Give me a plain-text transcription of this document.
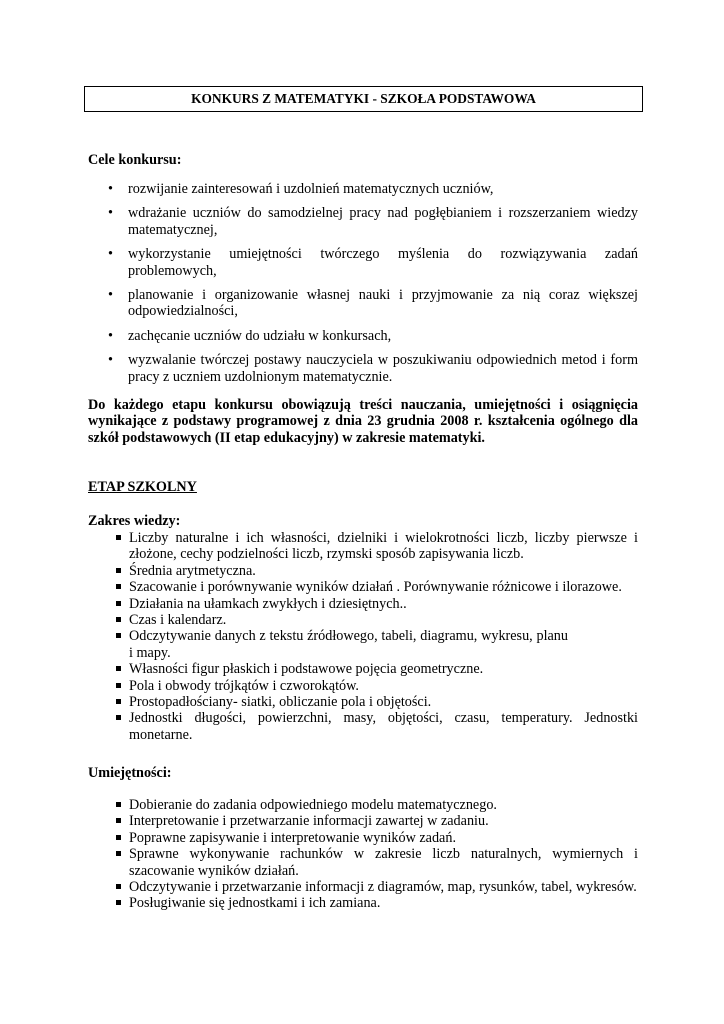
KONKURS Z MATEMATYKI - SZKOŁA PODSTAWOWA
Cele konkursu:
• rozwijanie zainteresowań i uzdolnień matematycznych uczniów,
• wdrażanie uczniów do samodzielnej pracy nad pogłębianiem i rozszerzaniem wiedzy matematycznej,
• wykorzystanie umiejętności twórczego myślenia do rozwiązywania zadań problemowych,
• planowanie i organizowanie własnej nauki i przyjmowanie za nią coraz większej odpowiedzialności,
• zachęcanie uczniów do udziału w konkursach,
• wyzwalanie twórczej postawy nauczyciela w poszukiwaniu odpowiednich metod i form pracy z uczniem uzdolnionym matematycznie.
Do każdego etapu konkursu obowiązują treści nauczania, umiejętności i osiągnięcia wynikające z podstawy programowej z dnia 23 grudnia 2008 r. kształcenia ogólnego dla szkół podstawowych (II etap edukacyjny) w zakresie matematyki.
ETAP SZKOLNY
Zakres wiedzy:
Liczby naturalne i ich własności, dzielniki i wielokrotności liczb, liczby pierwsze i złożone, cechy podzielności liczb, rzymski sposób zapisywania liczb.
Średnia arytmetyczna.
Szacowanie i porównywanie wyników działań . Porównywanie różnicowe i ilorazowe.
Działania na ułamkach zwykłych i dziesiętnych..
Czas i kalendarz.
Odczytywanie danych z tekstu źródłowego, tabeli, diagramu, wykresu, planu i mapy.
Własności figur płaskich i podstawowe pojęcia geometryczne.
Pola i obwody trójkątów i czworokątów.
Prostopadłościany- siatki, obliczanie pola i objętości.
Jednostki długości, powierzchni, masy, objętości, czasu, temperatury. Jednostki monetarne.
Umiejętności:
Dobieranie do zadania odpowiedniego modelu matematycznego.
Interpretowanie i przetwarzanie informacji zawartej w zadaniu.
Poprawne zapisywanie i interpretowanie wyników zadań.
Sprawne wykonywanie rachunków w zakresie liczb naturalnych, wymiernych i szacowanie wyników działań.
Odczytywanie i przetwarzanie informacji z diagramów, map, rysunków, tabel, wykresów.
Posługiwanie się jednostkami i ich zamiana.
